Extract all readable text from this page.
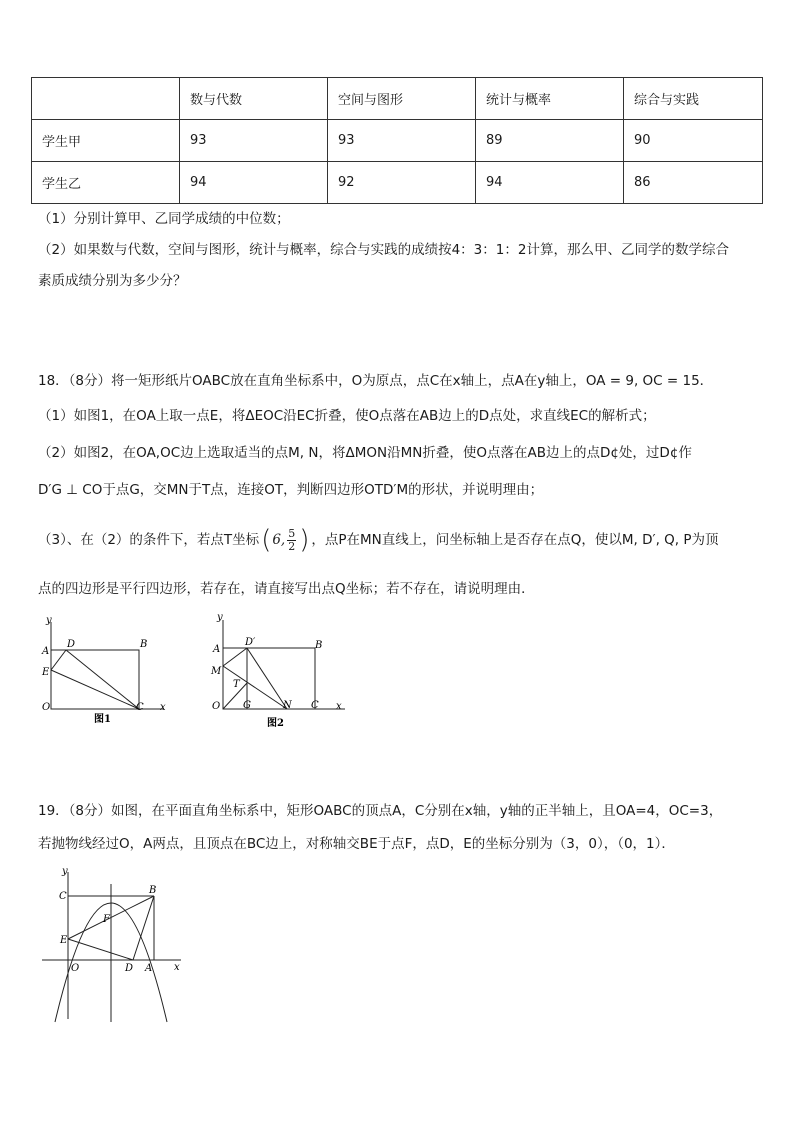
	数与代数	空间与图形	统计与概率	综合与实践
学生甲	93	93	89	90
学生乙	94	92	94	86
（1）分别计算甲、乙同学成绩的中位数；
（2）如果数与代数，空间与图形，统计与概率，综合与实践的成绩按4：3：1：2计算，那么甲、乙同学的数学综合
素质成绩分别为多少分？
18．（8分）将一矩形纸片OABC放在直角坐标系中，O为原点，点C在x轴上，点A在y轴上，OA = 9, OC = 15．
（1）如图1，在OA上取一点E，将ΔEOC沿EC折叠，使O点落在AB边上的D点处，求直线EC的解析式；
（2）如图2，在OA,OC边上选取适当的点M, N，将ΔMON沿MN折叠，使O点落在AB边上的点D¢处，过D¢作
D′G ⊥ CO于点G，交MN于T点，连接OT，判断四边形OTD′M的形状，并说明理由；
（3）、在（2）的条件下，若点T坐标 ( 6, $\frac{5}{2}$ ) ，点P在MN直线上，问坐标轴上是否存在点Q，使以M, D′, Q, P为顶
点的四边形是平行四边形，若存在，请直接写出点Q坐标；若不存在，请说明理由．
y
A
D	B
E
O	C x
图1
y
A
D′	B
M
T
O G	N C x
图2
19．（8分）如图，在平面直角坐标系中，矩形OABC的顶点A，C分别在x轴，y轴的正半轴上，且OA=4，OC=3，
若抛物线经过O，A两点，且顶点在BC边上，对称轴交BE于点F，点D，E的坐标分别为（3，0），（0，1）．
y
C
B
F
E
O	D A x
